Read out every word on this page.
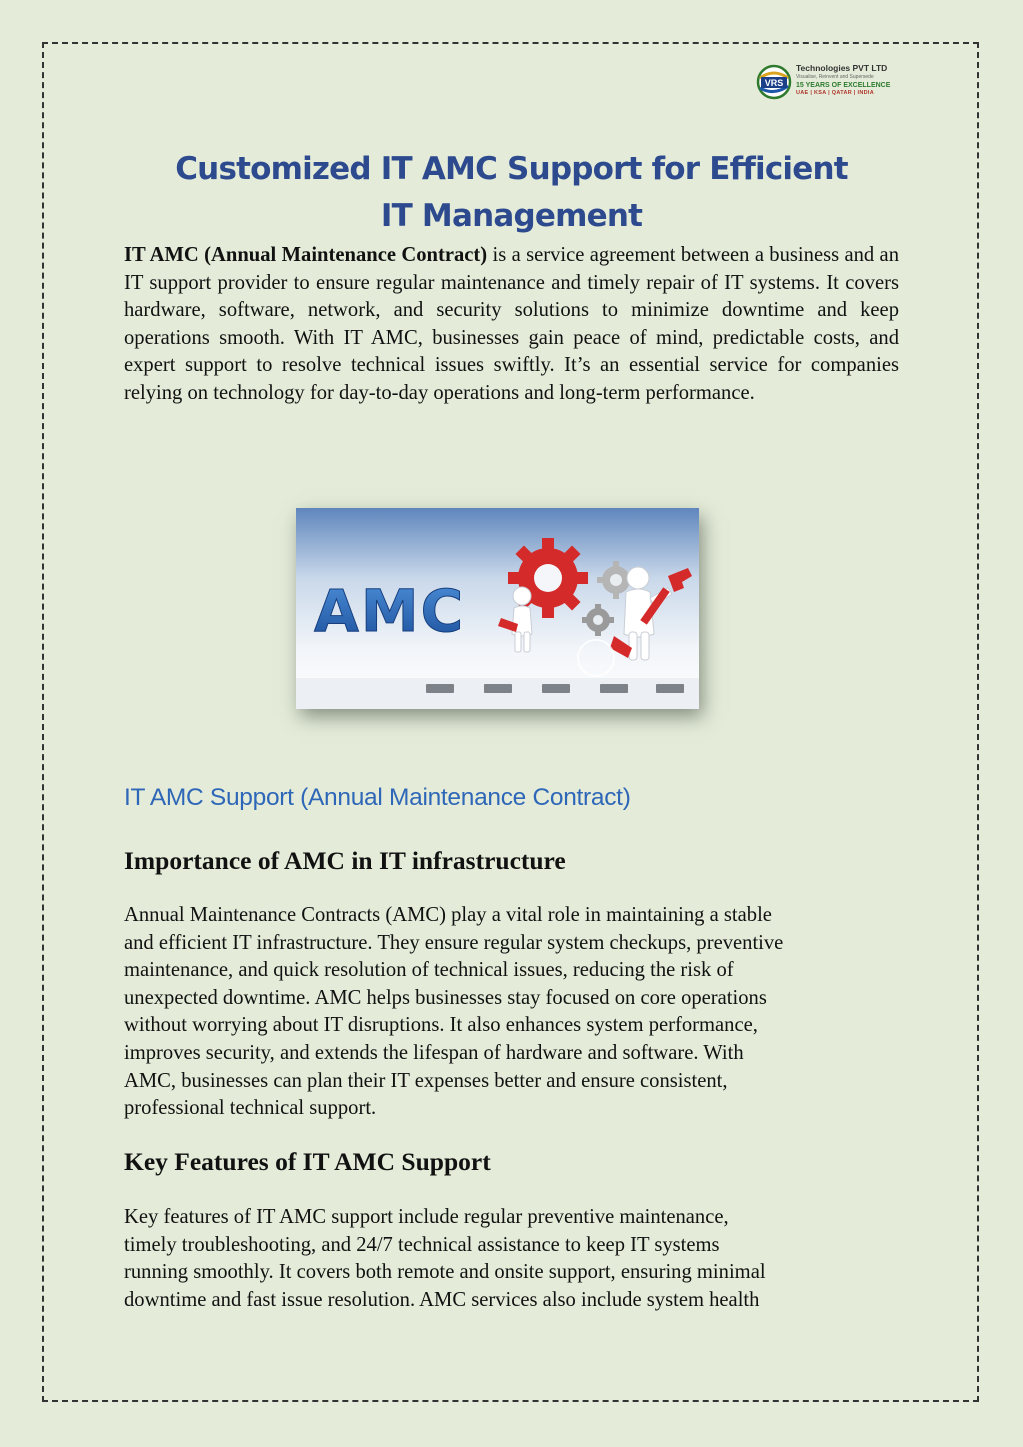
VRS
Technologies PVT LTD
Visualise, Reinvent and Supersede
15 YEARS OF EXCELLENCE
UAE | KSA | QATAR | INDIA
Customized IT AMC Support for Efficient
IT Management

IT AMC (Annual Maintenance Contract) is a service agreement between a business and an IT support provider to ensure regular maintenance and timely repair of IT systems. It covers hardware, software, network, and security solutions to minimize downtime and keep operations smooth. With IT AMC, businesses gain peace of mind, predictable costs, and expert support to resolve technical issues swiftly. It’s an essential service for companies relying on technology for day-to-day operations and long-term performance.

AMC
IT AMC Support (Annual Maintenance Contract)
Importance of AMC in IT infrastructure

Annual Maintenance Contracts (AMC) play a vital role in maintaining a stable
and efficient IT infrastructure. They ensure regular system checkups, preventive
maintenance, and quick resolution of technical issues, reducing the risk of
unexpected downtime. AMC helps businesses stay focused on core operations
without worrying about IT disruptions. It also enhances system performance,
improves security, and extends the lifespan of hardware and software. With
AMC, businesses can plan their IT expenses better and ensure consistent,
professional technical support.

Key Features of IT AMC Support

Key features of IT AMC support include regular preventive maintenance,
timely troubleshooting, and 24/7 technical assistance to keep IT systems
running smoothly. It covers both remote and onsite support, ensuring minimal
downtime and fast issue resolution. AMC services also include system health
